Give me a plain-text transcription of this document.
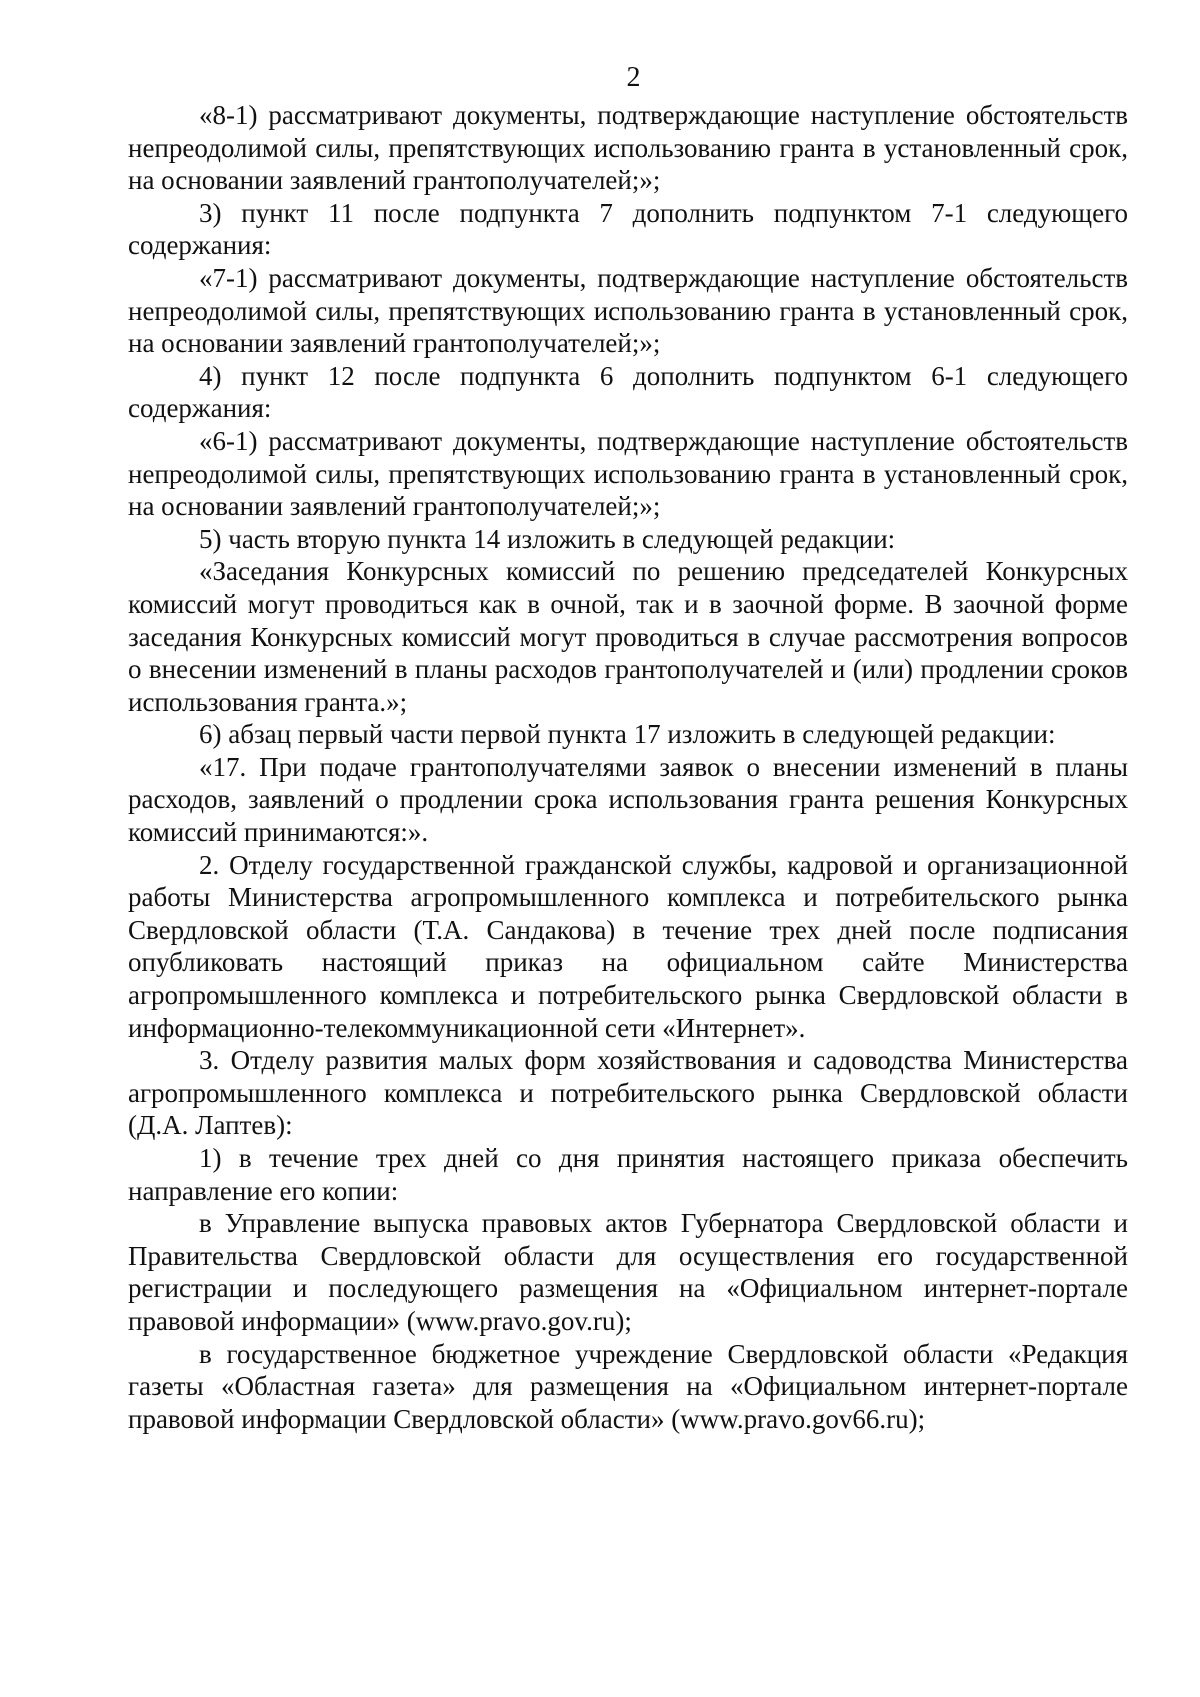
2

«8-1) рассматривают документы, подтверждающие наступление обстоятельств непреодолимой силы, препятствующих использованию гранта в установленный срок, на основании заявлений грантополучателей;»;

3) пункт 11 после подпункта 7 дополнить подпунктом 7-1 следующего содержания:

«7-1) рассматривают документы, подтверждающие наступление обстоятельств непреодолимой силы, препятствующих использованию гранта в установленный срок, на основании заявлений грантополучателей;»;

4) пункт 12 после подпункта 6 дополнить подпунктом 6-1 следующего содержания:

«6-1) рассматривают документы, подтверждающие наступление обстоятельств непреодолимой силы, препятствующих использованию гранта в установленный срок, на основании заявлений грантополучателей;»;

5) часть вторую пункта 14 изложить в следующей редакции:

«Заседания Конкурсных комиссий по решению председателей Конкурсных комиссий могут проводиться как в очной, так и в заочной форме. В заочной форме заседания Конкурсных комиссий могут проводиться в случае рассмотрения вопросов о внесении изменений в планы расходов грантополучателей и (или) продлении сроков использования гранта.»;

6) абзац первый части первой пункта 17 изложить в следующей редакции:

«17. При подаче грантополучателями заявок о внесении изменений в планы расходов, заявлений о продлении срока использования гранта решения Конкурсных комиссий принимаются:».

2. Отделу государственной гражданской службы, кадровой и организационной работы Министерства агропромышленного комплекса и потребительского рынка Свердловской области (Т.А. Сандакова) в течение трех дней после подписания опубликовать настоящий приказ на официальном сайте Министерства агропромышленного комплекса и потребительского рынка Свердловской области в информационно-телекоммуникационной сети «Интернет».

3. Отделу развития малых форм хозяйствования и садоводства Министерства агропромышленного комплекса и потребительского рынка Свердловской области (Д.А. Лаптев):

1) в течение трех дней со дня принятия настоящего приказа обеспечить направление его копии:

в Управление выпуска правовых актов Губернатора Свердловской области и Правительства Свердловской области для осуществления его государственной регистрации и последующего размещения на «Официальном интернет-портале правовой информации» (www.pravo.gov.ru);

в государственное бюджетное учреждение Свердловской области «Редакция газеты «Областная газета» для размещения на «Официальном интернет-портале правовой информации Свердловской области» (www.pravo.gov66.ru);
